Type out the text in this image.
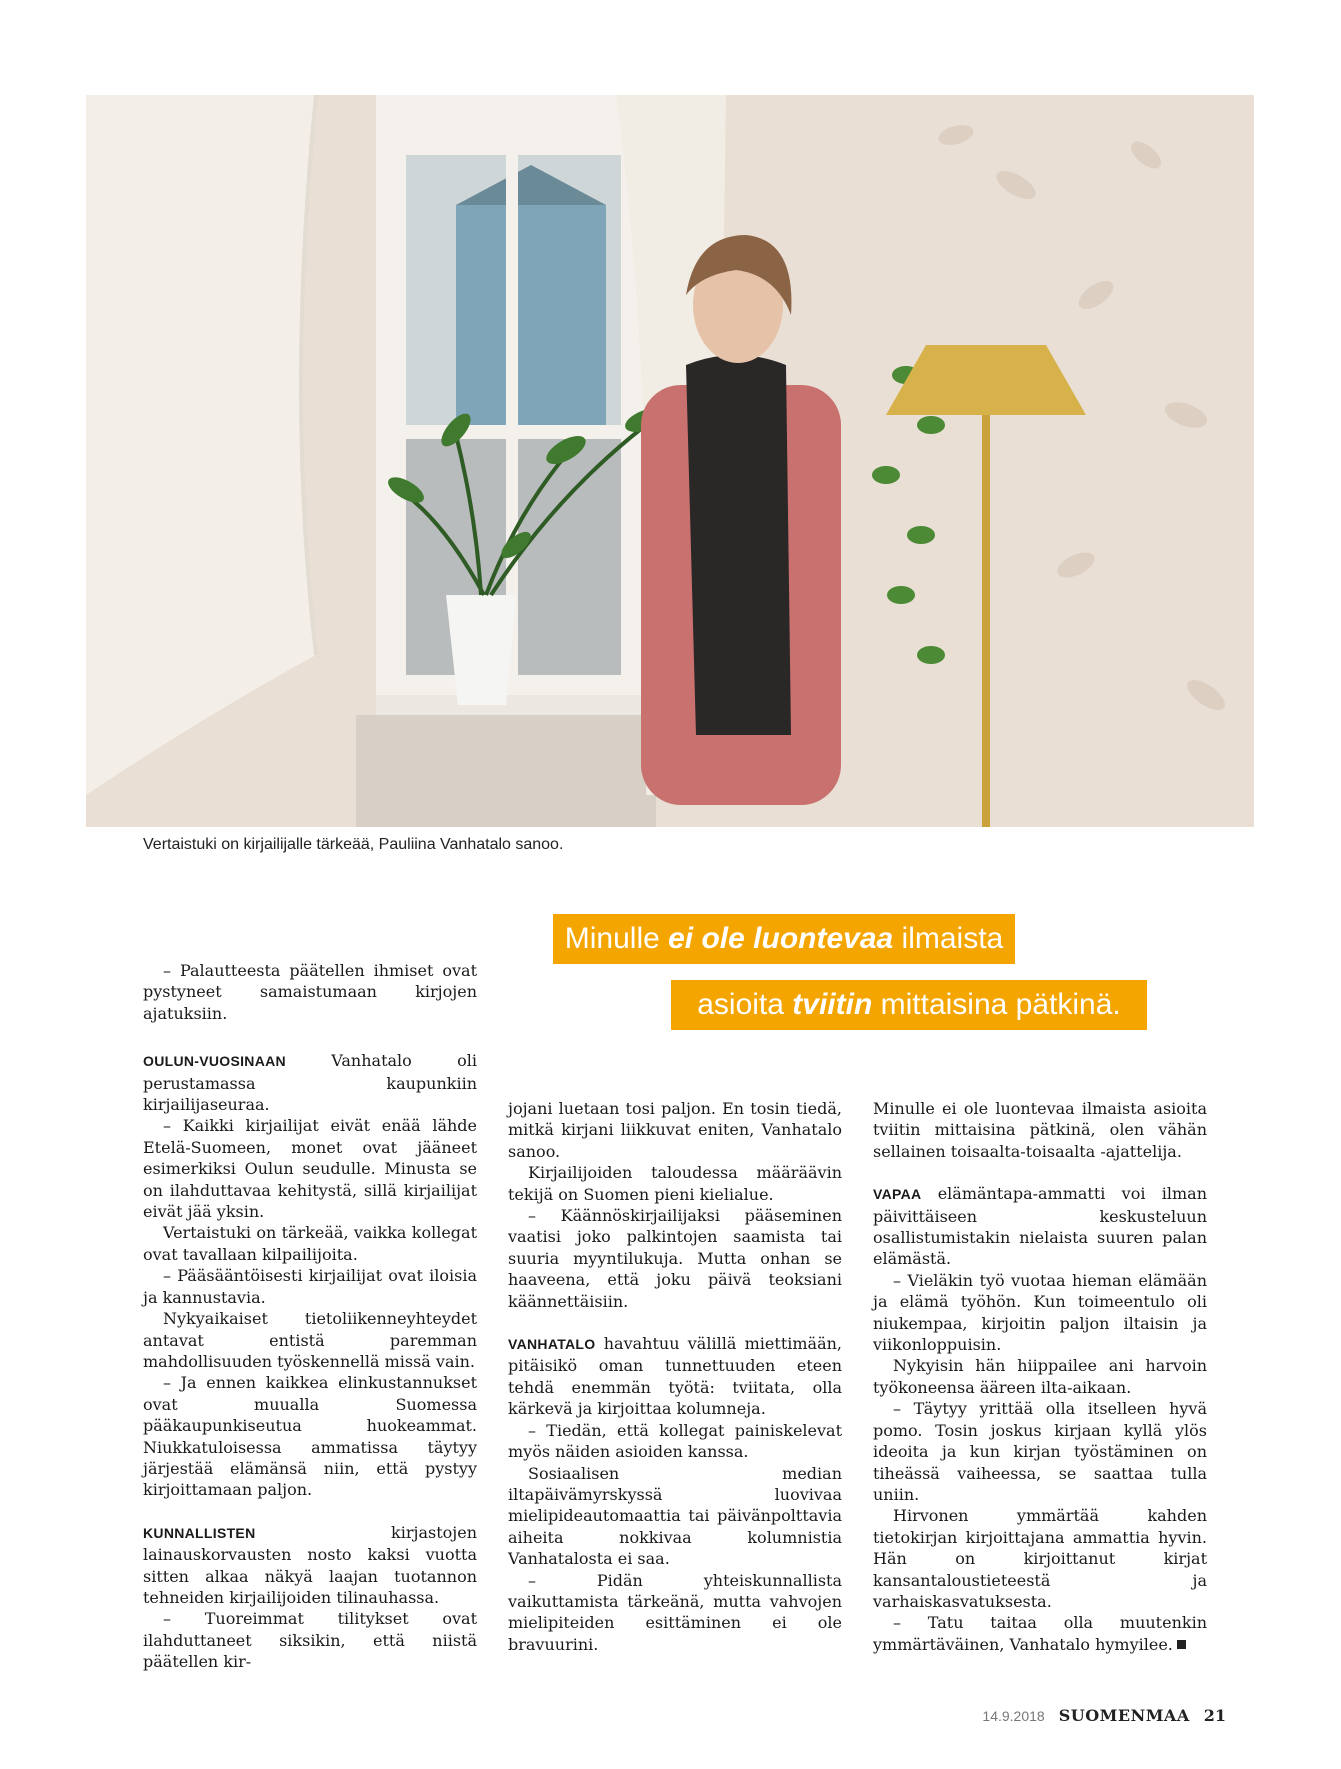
Vertaistuki on kirjailijalle tärkeää, Pauliina Vanhatalo sanoo.
Minulle ei ole luontevaa ilmaista
asioita tviitin mittaisina pätkinä.

– Palautteesta päätellen ihmiset ovat pystyneet samaistumaan kirjojen ajatuksiin.

OULUN-VUOSINAAN Vanhatalo oli perustamassa kaupunkiin kirjailijaseuraa.

– Kaikki kirjailijat eivät enää lähde Etelä-Suomeen, monet ovat jääneet esimerkiksi Oulun seudulle. Minusta se on ilahduttavaa kehitystä, sillä kirjailijat eivät jää yksin.

Vertaistuki on tärkeää, vaikka kollegat ovat tavallaan kilpailijoita.

– Pääsääntöisesti kirjailijat ovat iloisia ja kannustavia.

Nykyaikaiset tietoliikenneyhteydet antavat entistä paremman mahdollisuuden työskennellä missä vain.

– Ja ennen kaikkea elinkustannukset ovat muualla Suomessa pääkaupunkiseutua huokeammat. Niukkatuloisessa ammatissa täytyy järjestää elämänsä niin, että pystyy kirjoittamaan paljon.

KUNNALLISTEN kirjastojen lainauskorvausten nosto kaksi vuotta sitten alkaa näkyä laajan tuotannon tehneiden kirjailijoiden tilinauhassa.

– Tuoreimmat tilitykset ovat ilahduttaneet siksikin, että niistä päätellen kir-

jojani luetaan tosi paljon. En tosin tiedä, mitkä kirjani liikkuvat eniten, Vanhatalo sanoo.

Kirjailijoiden taloudessa määräävin tekijä on Suomen pieni kielialue.

– Käännöskirjailijaksi pääseminen vaatisi joko palkintojen saamista tai suuria myyntilukuja. Mutta onhan se haaveena, että joku päivä teoksiani käännettäisiin.

VANHATALO havahtuu välillä miettimään, pitäisikö oman tunnettuuden eteen tehdä enemmän työtä: tviitata, olla kärkevä ja kirjoittaa kolumneja.

– Tiedän, että kollegat painiskelevat myös näiden asioiden kanssa.

Sosiaalisen median iltapäivämyrskyssä luovivaa mielipideautomaattia tai päivänpolttavia aiheita nokkivaa kolumnistia Vanhatalosta ei saa.

– Pidän yhteiskunnallista vaikuttamista tärkeänä, mutta vahvojen mielipiteiden esittäminen ei ole bravuurini.

Minulle ei ole luontevaa ilmaista asioita tviitin mittaisina pätkinä, olen vähän sellainen toisaalta-toisaalta -ajattelija.

VAPAA elämäntapa-ammatti voi ilman päivittäiseen keskusteluun osallistumistakin nielaista suuren palan elämästä.

– Vieläkin työ vuotaa hieman elämään ja elämä työhön. Kun toimeentulo oli niukempaa, kirjoitin paljon iltaisin ja viikonloppuisin.

Nykyisin hän hiippailee ani harvoin työkoneensa ääreen ilta-aikaan.

– Täytyy yrittää olla itselleen hyvä pomo. Tosin joskus kirjaan kyllä ylös ideoita ja kun kirjan työstäminen on tiheässä vaiheessa, se saattaa tulla uniin.

Hirvonen ymmärtää kahden tietokirjan kirjoittajana ammattia hyvin. Hän on kirjoittanut kirjat kansantaloustieteestä ja varhaiskasvatuksesta.

– Tatu taitaa olla muutenkin ymmärtäväinen, Vanhatalo hymyilee.

14.9.2018 SUOMENMAA 21
